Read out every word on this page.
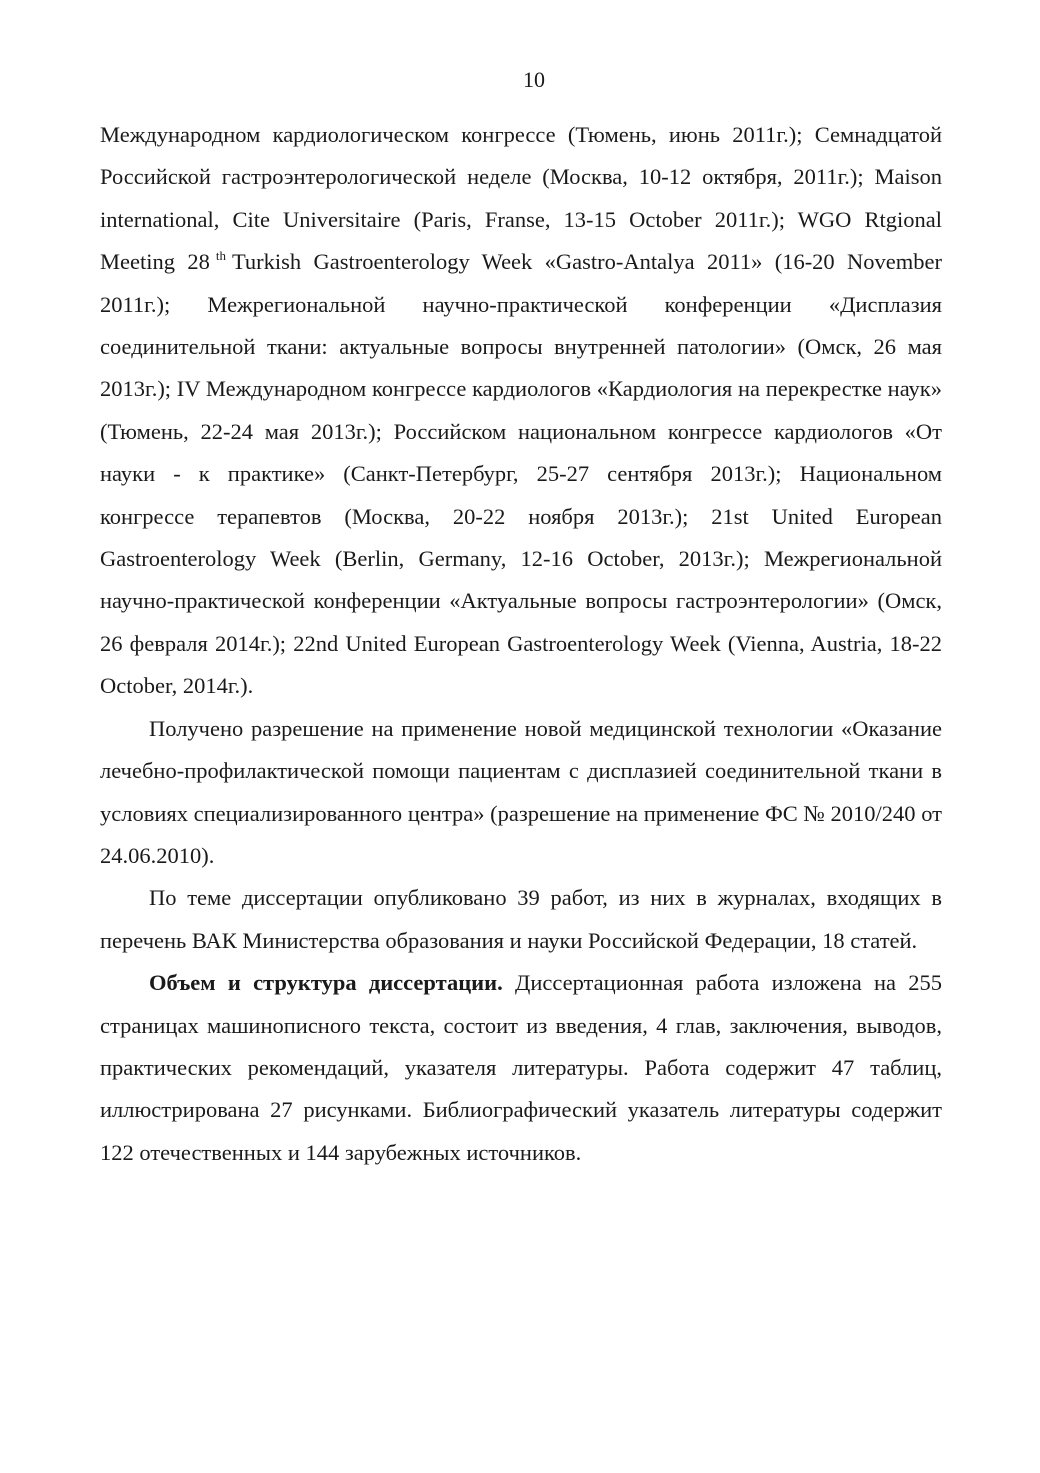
10

Международном кардиологическом конгрессе (Тюмень, июнь 2011г.); Семнадцатой Российской гастроэнтерологической неделе (Москва, 10-12 октября, 2011г.); Maison international, Cite Universitaire (Paris, Franse, 13-15 October 2011г.); WGO Rtgional Meeting 28 $^{th}$ Turkish Gastroenterology Week «Gastro-Antalya 2011» (16-20 November 2011г.); Межрегиональной научно-практической конференции «Дисплазия соединительной ткани: актуальные вопросы внутренней патологии» (Омск, 26 мая 2013г.); IV Международном конгрессе кардиологов «Кардиология на перекрестке наук» (Тюмень, 22-24 мая 2013г.); Российском национальном конгрессе кардиологов «От науки - к практике» (Санкт-Петербург, 25-27 сентября 2013г.); Национальном конгрессе терапевтов (Москва, 20-22 ноября 2013г.); 21st United European Gastroenterology Week (Berlin, Germany, 12-16 October, 2013г.); Межрегиональной научно-практической конференции «Актуальные вопросы гастроэнтерологии» (Омск, 26 февраля 2014г.); 22nd United European Gastroenterology Week (Vienna, Austria, 18-22 October, 2014г.).

Получено разрешение на применение новой медицинской технологии «Оказание лечебно-профилактической помощи пациентам с дисплазией соединительной ткани в условиях специализированного центра» (разрешение на применение ФС № 2010/240 от 24.06.2010).

По теме диссертации опубликовано 39 работ, из них в журналах, входящих в перечень ВАК Министерства образования и науки Российской Федерации, 18 статей.

Объем и структура диссертации. Диссертационная работа изложена на 255 страницах машинописного текста, состоит из введения, 4 глав, заключения, выводов, практических рекомендаций, указателя литературы. Работа содержит 47 таблиц, иллюстрирована 27 рисунками. Библиографический указатель литературы содержит 122 отечественных и 144 зарубежных источников.
